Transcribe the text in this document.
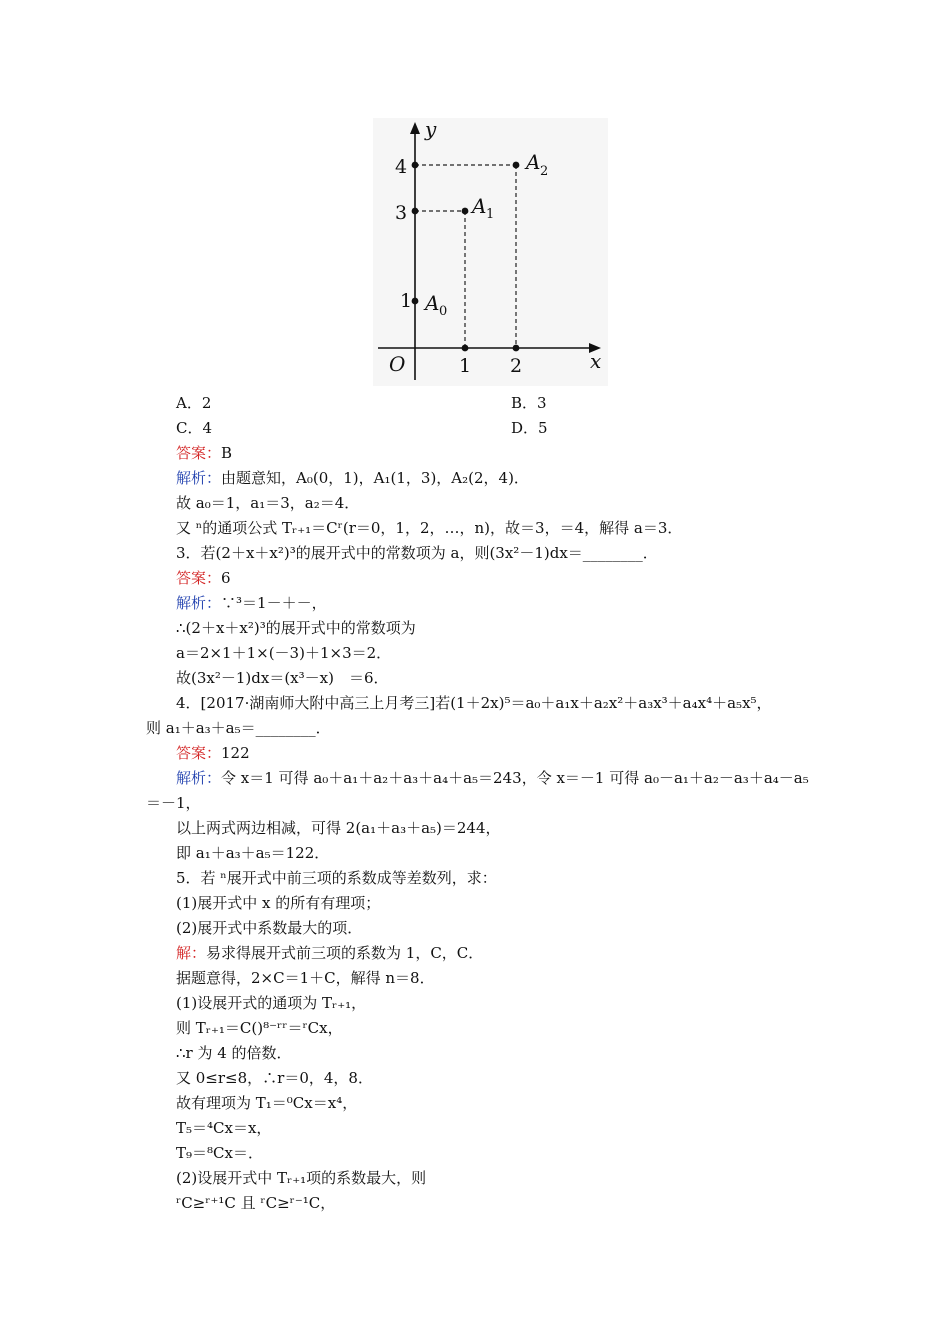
y
x
O
4
3
1
1 2
A 0
A 1
A 2
A．2	B．3
C．4	D．5
答案：B
解析：由题意知，A₀(0，1)，A₁(1，3)，A₂(2，4)．
故 a₀＝1，a₁＝3，a₂＝4．
又 ⁿ的通项公式 Tᵣ₊₁＝Cʳ(r＝0，1，2，…，n)，故＝3，＝4，解得 a＝3．
3．若(2＋x＋x²)³的展开式中的常数项为 a，则(3x²－1)dx＝________．
答案：6
解析：∵³＝1－＋－，
∴(2＋x＋x²)³的展开式中的常数项为
a＝2×1＋1×(－3)＋1×3＝2．
故(3x²－1)dx＝(x³－x)　＝6．
4．[2017·湖南师大附中高三上月考三]若(1＋2x)⁵＝a₀＋a₁x＋a₂x²＋a₃x³＋a₄x⁴＋a₅x⁵，
则 a₁＋a₃＋a₅＝________．
答案：122
解析：令 x＝1 可得 a₀＋a₁＋a₂＋a₃＋a₄＋a₅＝243，令 x＝－1 可得 a₀－a₁＋a₂－a₃＋a₄－a₅
＝－1，
以上两式两边相减，可得 2(a₁＋a₃＋a₅)＝244，
即 a₁＋a₃＋a₅＝122．
5．若 ⁿ展开式中前三项的系数成等差数列，求：
(1)展开式中 x 的所有有理项；
(2)展开式中系数最大的项．
解：易求得展开式前三项的系数为 1，C，C．
据题意得，2×C＝1＋C，解得 n＝8．
(1)设展开式的通项为 Tᵣ₊₁，
则 Tᵣ₊₁＝C()⁸⁻ʳʳ＝ʳCx，
∴r 为 4 的倍数．
又 0≤r≤8，∴r＝0，4，8．
故有理项为 T₁＝⁰Cx＝x⁴，
T₅＝⁴Cx＝x，
T₉＝⁸Cx＝．
(2)设展开式中 Tᵣ₊₁项的系数最大，则
ʳC≥ʳ⁺¹C 且 ʳC≥ʳ⁻¹C，
